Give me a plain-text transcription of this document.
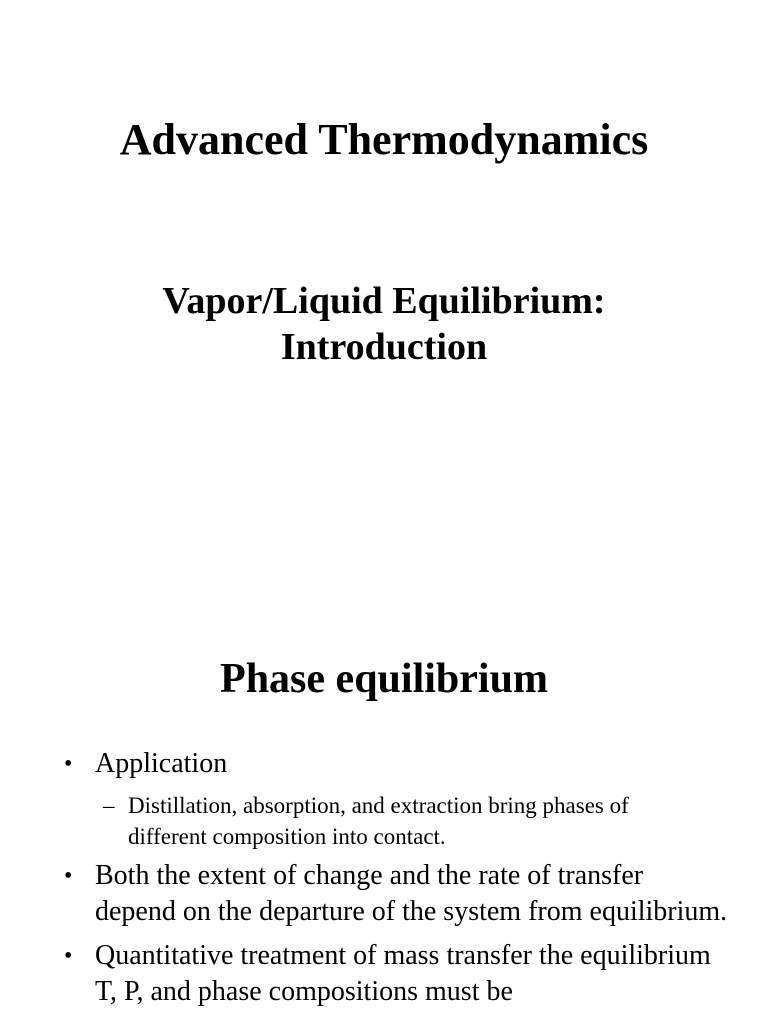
Advanced Thermodynamics
Vapor/Liquid Equilibrium:
Introduction
Phase equilibrium
• Application
– Distillation, absorption, and extraction bring phases of different composition into contact.
• Both the extent of change and the rate of transfer depend on the departure of the system from equilibrium.
• Quantitative treatment of mass transfer the equilibrium T, P, and phase compositions must be
